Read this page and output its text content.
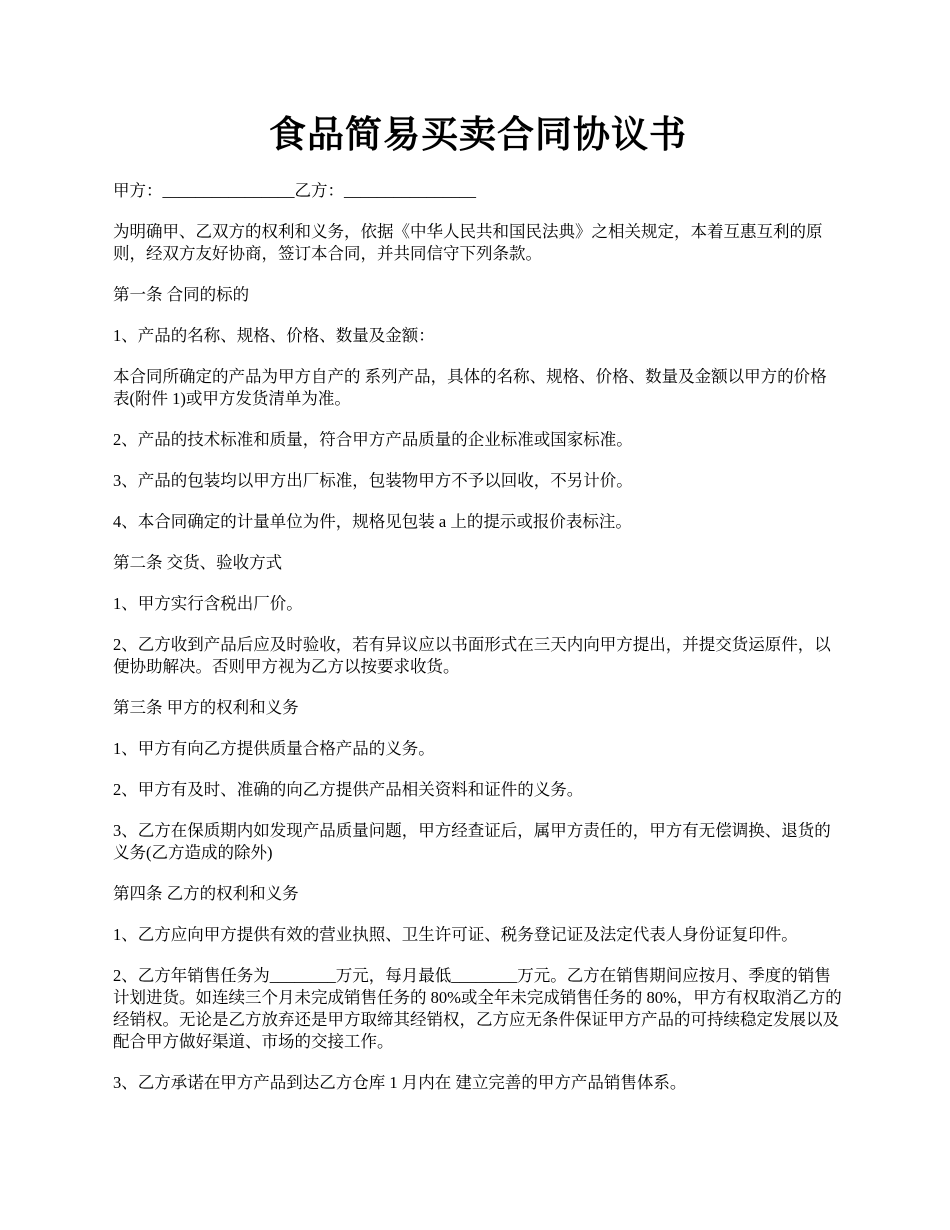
食品简易买卖合同协议书

甲方：________________乙方：________________

为明确甲、乙双方的权利和义务，依据《中华人民共和国民法典》之相关规定，本着互惠互利的原则，经双方友好协商，签订本合同，并共同信守下列条款。

第一条 合同的标的

1、产品的名称、规格、价格、数量及金额：

本合同所确定的产品为甲方自产的 系列产品，具体的名称、规格、价格、数量及金额以甲方的价格表(附件 1)或甲方发货清单为准。

2、产品的技术标准和质量，符合甲方产品质量的企业标准或国家标准。

3、产品的包装均以甲方出厂标准，包装物甲方不予以回收，不另计价。

4、本合同确定的计量单位为件，规格见包装 a 上的提示或报价表标注。

第二条 交货、验收方式

1、甲方实行含税出厂价。

2、乙方收到产品后应及时验收，若有异议应以书面形式在三天内向甲方提出，并提交货运原件，以便协助解决。否则甲方视为乙方以按要求收货。

第三条 甲方的权利和义务

1、甲方有向乙方提供质量合格产品的义务。

2、甲方有及时、准确的向乙方提供产品相关资料和证件的义务。

3、乙方在保质期内如发现产品质量问题，甲方经查证后，属甲方责任的，甲方有无偿调换、退货的义务(乙方造成的除外)

第四条 乙方的权利和义务

1、乙方应向甲方提供有效的营业执照、卫生许可证、税务登记证及法定代表人身份证复印件。

2、乙方年销售任务为________万元，每月最低________万元。乙方在销售期间应按月、季度的销售计划进货。如连续三个月未完成销售任务的 80%或全年未完成销售任务的 80%，甲方有权取消乙方的经销权。无论是乙方放弃还是甲方取缔其经销权，乙方应无条件保证甲方产品的可持续稳定发展以及配合甲方做好渠道、市场的交接工作。

3、乙方承诺在甲方产品到达乙方仓库 1 月内在 建立完善的甲方产品销售体系。
